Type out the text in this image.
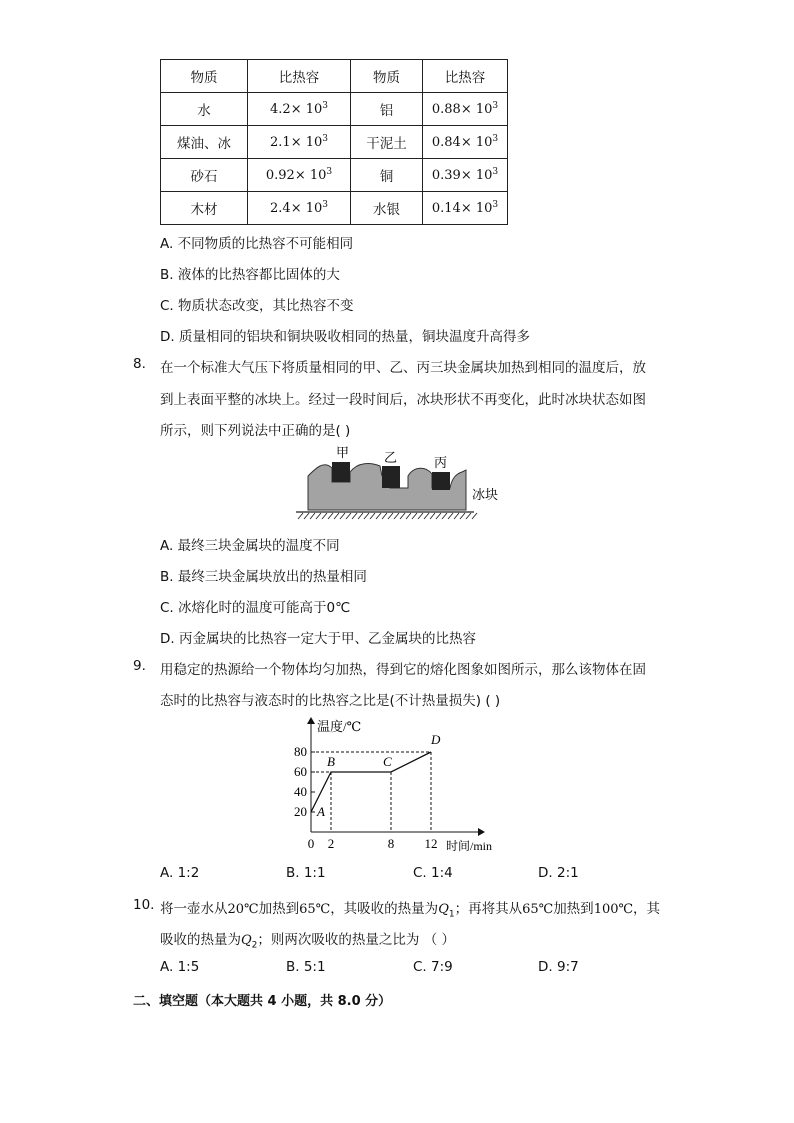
物质	比热容	物质	比热容
水	$4.2\times 10^3$	铝	$0.88\times 10^3$
煤油、冰	$2.1\times 10^3$	干泥土	$0.84\times 10^3$
砂石	$0.92\times 10^3$	铜	$0.39\times 10^3$
木材	$2.4\times 10^3$	水银	$0.14\times 10^3$
A. 不同物质的比热容不可能相同
B. 液体的比热容都比固体的大
C. 物质状态改变，其比热容不变
D. 质量相同的铝块和铜块吸收相同的热量，铜块温度升高得多
8. 在一个标准大气压下将质量相同的甲、乙、丙三块金属块加热到相同的温度后，放
到上表面平整的冰块上。经过一段时间后，冰块形状不再变化，此时冰块状态如图
所示，则下列说法中正确的是( )
甲	乙	丙
冰块
A. 最终三块金属块的温度不同
B. 最终三块金属块放出的热量相同
C. 冰熔化时的温度可能高于0℃
D. 丙金属块的比热容一定大于甲、乙金属块的比热容
9. 用稳定的热源给一个物体均匀加热，得到它的熔化图象如图所示，那么该物体在固
态时的比热容与液态时的比热容之比是(不计热量损失) ( )
温度/℃
时间/min
20
40
60
80
0 2	8 12
A
B	C
D
A. 1:2	B. 1:1	C. 1:4	D. 2:1
10. 将一壶水从20℃加热到65℃，其吸收的热量为$Q_1$；再将其从65℃加热到100℃，其
吸收的热量为$Q_2$；则两次吸收的热量之比为 （ ）
A. 1:5	B. 5:1	C. 7:9	D. 9:7
二、填空题（本大题共 4 小题，共 8.0 分）
